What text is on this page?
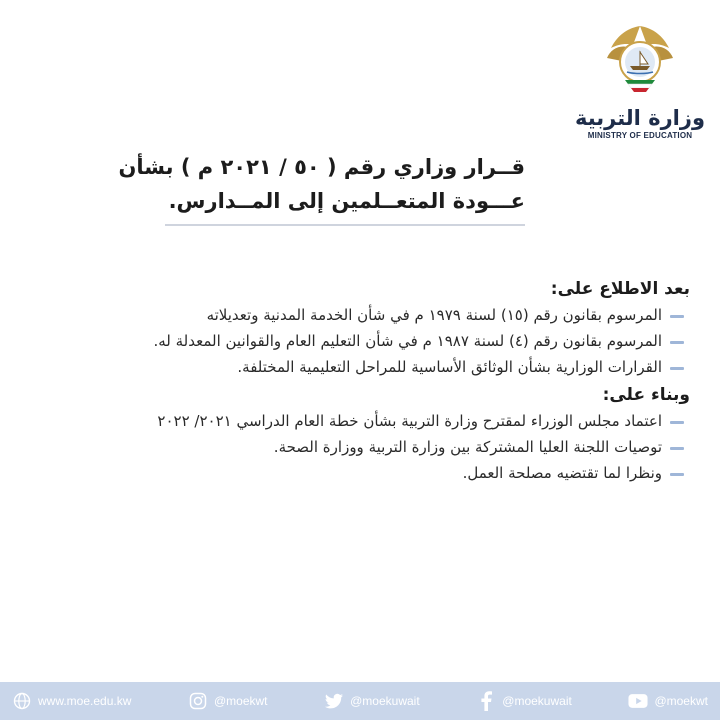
وزارة التربية
MINISTRY OF EDUCATION
قــرار وزاري رقم ( ٥٠ / ٢٠٢١ م ) بشأن
عـــودة المتعــلمين إلى المــدارس.
بعد الاطلاع على:
المرسوم بقانون رقم (١٥) لسنة ١٩٧٩ م في شأن الخدمة المدنية وتعديلاته
المرسوم بقانون رقم (٤) لسنة ١٩٨٧ م في شأن التعليم العام والقوانين المعدلة له.
القرارات الوزارية بشأن الوثائق الأساسية للمراحل التعليمية المختلفة.
وبناء على:
اعتماد مجلس الوزراء لمقترح وزارة التربية بشأن خطة العام الدراسي ٢٠٢١/ ٢٠٢٢
توصيات اللجنة العليا المشتركة بين وزارة التربية ووزارة الصحة.
ونظرا لما تقتضيه مصلحة العمل.
www.moe.edu.kw	@moekwt	@moekuwait	@moekuwait	@moekwt
